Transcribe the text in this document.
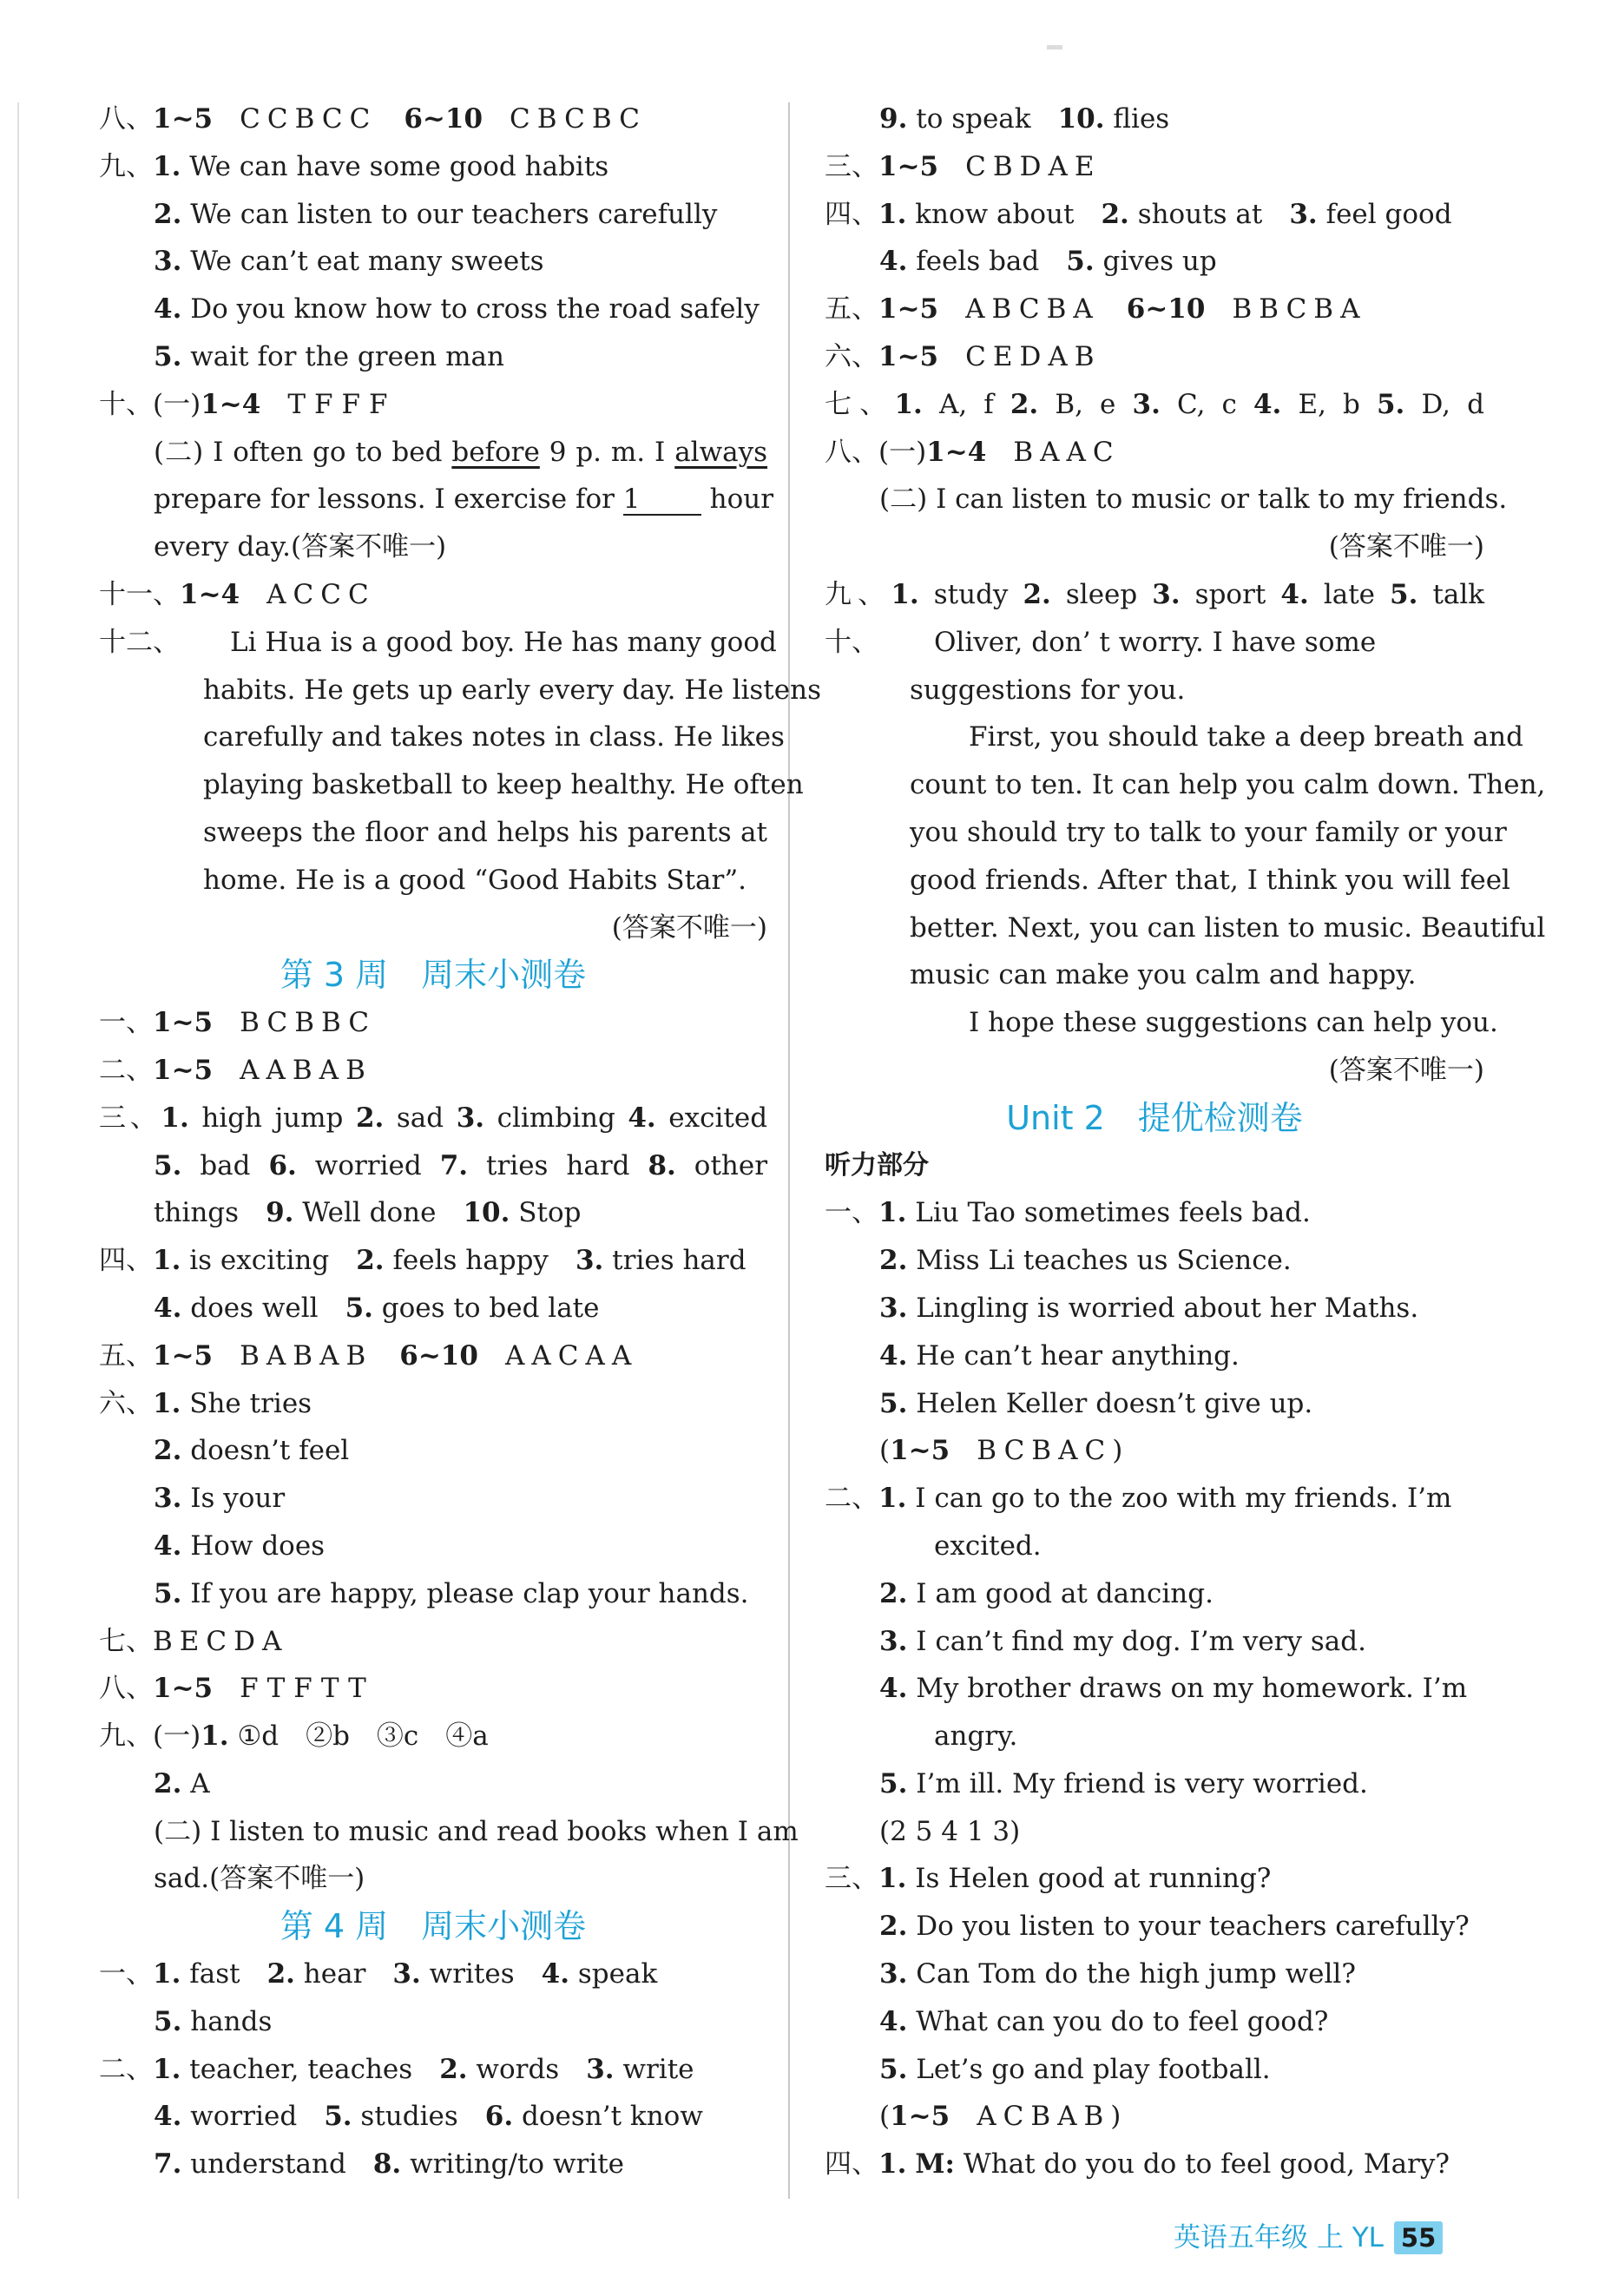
八、1~5　 CCBCC　 6~10　 CBCBC
九、1. We can have some good habits
2. We can listen to our teachers carefully
3. We can’t eat many sweets
4. Do you know how to cross the road safely
5. wait for the green man
十、(一)1~4　 TFFF
(二) I often go to bed before 9 p. m. I always
prepare for lessons. I exercise for 1	hour
every day.(答案不唯一)
十一、1~4　 ACCC
十二、 Li Hua is a good boy. He has many good
habits. He gets up early every day. He listens
carefully and takes notes in class. He likes
playing basketball to keep healthy. He often
sweeps the floor and helps his parents at
home. He is a good “Good Habits Star”.
(答案不唯一)
第 3 周　周末小测卷
一、1~5　 BCBBC
二、1~5　 AABAB
三、1. high jump 2. sad 3. climbing 4. excited
5. bad 6. worried 7. tries hard 8. other
things　 9. Well done　 10. Stop
四、1. is exciting　 2. feels happy　 3. tries hard
4. does well　 5. goes to bed late
五、1~5　 BABAB　 6~10　 AACAA
六、1. She tries
2. doesn’t feel
3. Is your
4. How does
5. If you are happy, please clap your hands.
七、BECDA
八、1~5　 FTFTT
九、(一)1. ①d　②b　③c　④a
2. A
(二) I listen to music and read books when I am
sad.(答案不唯一)
第 4 周　周末小测卷
一、1. fast　 2. hear　 3. writes　 4. speak
5. hands
二、1. teacher, teaches　 2. words　 3. write
4. worried　 5. studies　 6. doesn’t know
7. understand　 8. writing/to write
9. to speak　 10. flies
三、1~5　 CBDAE
四、1. know about　 2. shouts at　 3. feel good
4. feels bad　 5. gives up
五、1~5　 ABCBA　 6~10　 BBCBA
六、1~5　 CEDAB
七、1. A, f 2. B, e 3. C, c 4. E, b 5. D, d
八、(一)1~4　 BAAC
(二) I can listen to music or talk to my friends.
(答案不唯一)
九、1. study 2. sleep 3. sport 4. late 5. talk
十、 Oliver, don’ t worry. I have some
suggestions for you.
First, you should take a deep breath and
count to ten. It can help you calm down. Then,
you should try to talk to your family or your
good friends. After that, I think you will feel
better. Next, you can listen to music. Beautiful
music can make you calm and happy.
I hope these suggestions can help you.
(答案不唯一)
Unit 2　提优检测卷
听力部分
一、1. Liu Tao sometimes feels bad.
2. Miss Li teaches us Science.
3. Lingling is worried about her Maths.
4. He can’t hear anything.
5. Helen Keller doesn’t give up.
(1~5　 BCBAC)
二、1. I can go to the zoo with my friends. I’m
excited.
2. I am good at dancing.
3. I can’t find my dog. I’m very sad.
4. My brother draws on my homework. I’m
angry.
5. I’m ill. My friend is very worried.
(2 5 4 1 3)
三、1. Is Helen good at running?
2. Do you listen to your teachers carefully?
3. Can Tom do the high jump well?
4. What can you do to feel good?
5. Let’s go and play football.
(1~5　 ACBAB)
四、1. M: What do you do to feel good, Mary?
英语五年级 上 YL 55
